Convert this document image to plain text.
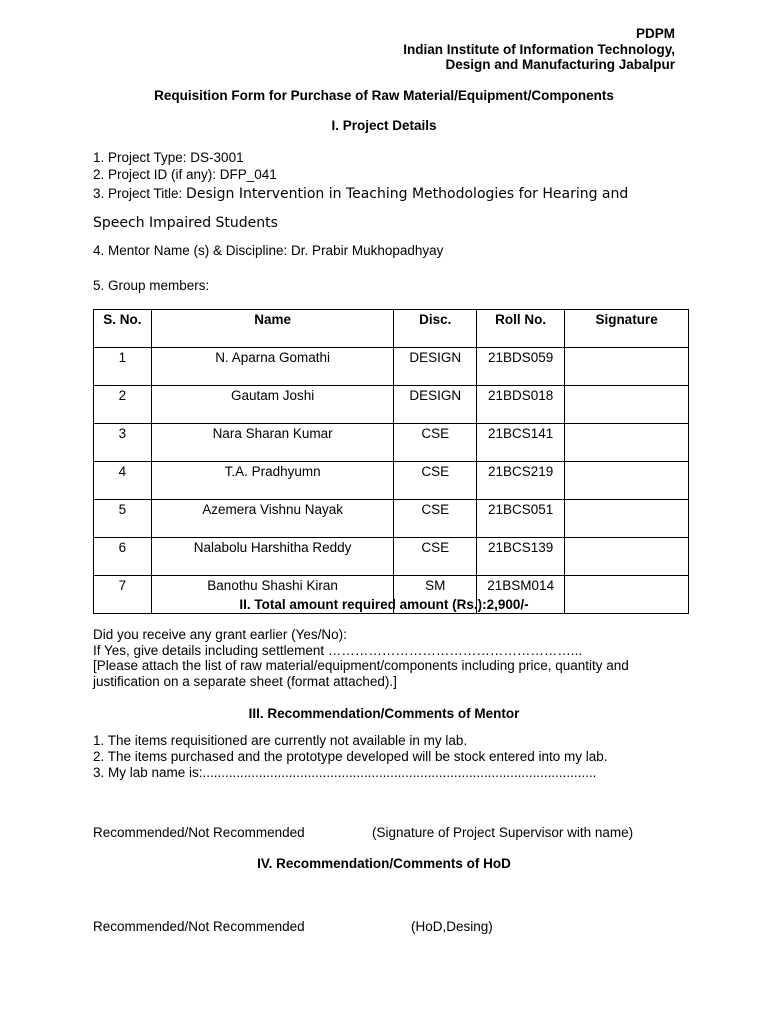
PDPM
Indian Institute of Information Technology,
Design and Manufacturing Jabalpur
Requisition Form for Purchase of Raw Material/Equipment/Components
I. Project Details
1. Project Type: DS-3001
2. Project ID (if any): DFP_041
3. Project Title: Design Intervention in Teaching Methodologies for Hearing and
Speech Impaired Students
4. Mentor Name (s) & Discipline: Dr. Prabir Mukhopadhyay
5. Group members:
S. No.	Name	Disc.	Roll No.	Signature
1	N. Aparna Gomathi	DESIGN	21BDS059	
2	Gautam Joshi	DESIGN	21BDS018	
3	Nara Sharan Kumar	CSE	21BCS141	
4	T.A. Pradhyumn	CSE	21BCS219	
5	Azemera Vishnu Nayak	CSE	21BCS051	
6	Nalabolu Harshitha Reddy	CSE	21BCS139	
7	Banothu Shashi Kiran	SM	21BSM014	
II. Total amount required amount (Rs.):2,900/-
Did you receive any grant earlier (Yes/No):
If Yes, give details including settlement ………………………………………………...
[Please attach the list of raw material/equipment/components including price, quantity and
justification on a separate sheet (format attached).]
III. Recommendation/Comments of Mentor
1. The items requisitioned are currently not available in my lab.
2. The items purchased and the prototype developed will be stock entered into my lab.
3. My lab name is:.........................................................................................................
Recommended/Not Recommended	(Signature of Project Supervisor with name)
IV. Recommendation/Comments of HoD
Recommended/Not Recommended	(HoD,Desing)
